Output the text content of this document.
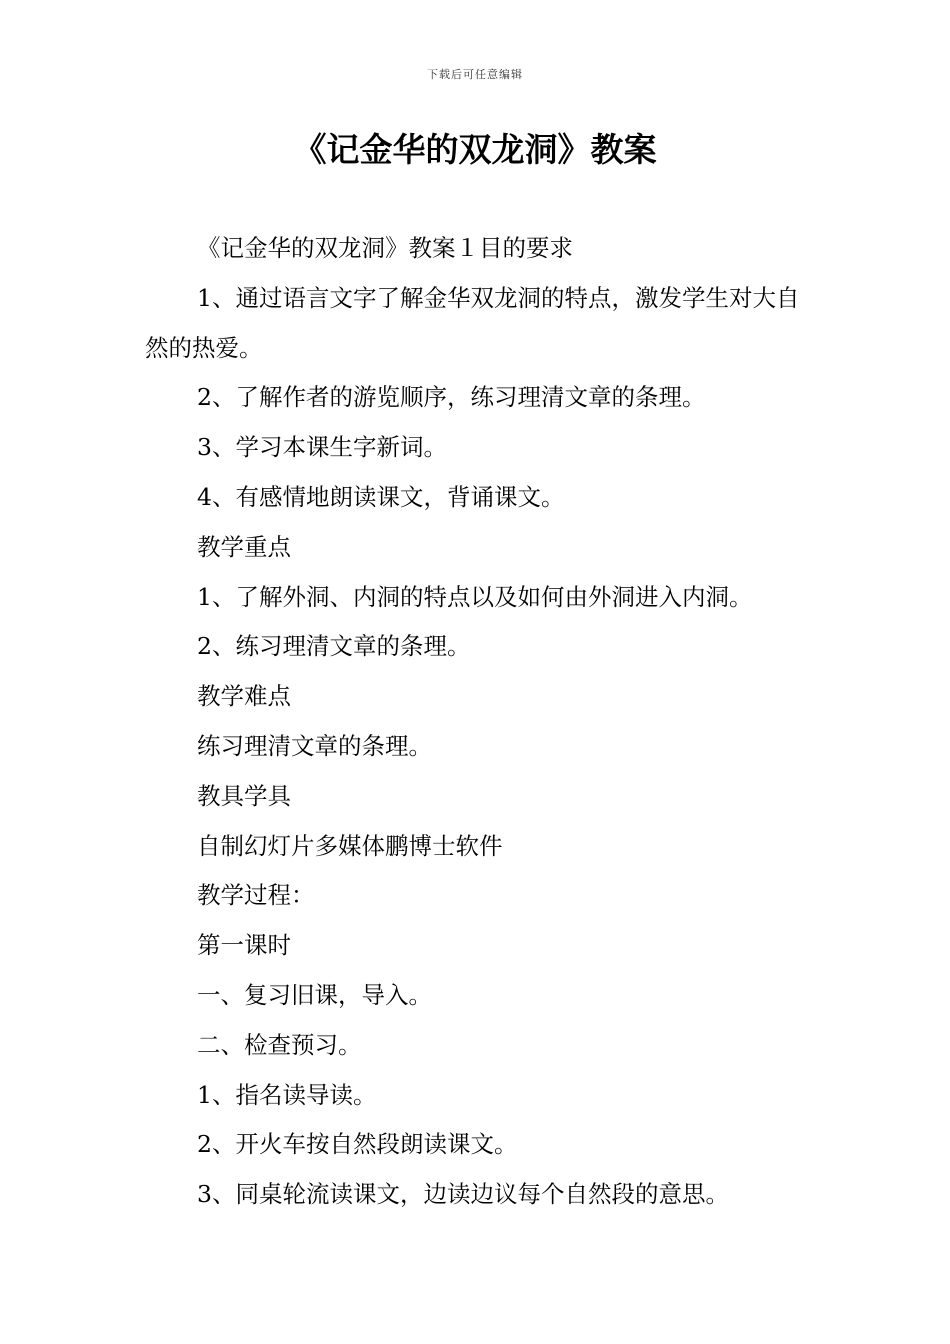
下载后可任意编辑
《记金华的双龙洞》教案

《记金华的双龙洞》教案１目的要求

1、通过语言文字了解金华双龙洞的特点，激发学生对大自然的热爱。

2、了解作者的游览顺序，练习理清文章的条理。

3、学习本课生字新词。

4、有感情地朗读课文，背诵课文。

教学重点

1、了解外洞、内洞的特点以及如何由外洞进入内洞。

2、练习理清文章的条理。

教学难点

练习理清文章的条理。

教具学具

自制幻灯片多媒体鹏博士软件

教学过程：

第一课时

一、复习旧课，导入。

二、检查预习。

1、指名读导读。

2、开火车按自然段朗读课文。

3、同桌轮流读课文，边读边议每个自然段的意思。
